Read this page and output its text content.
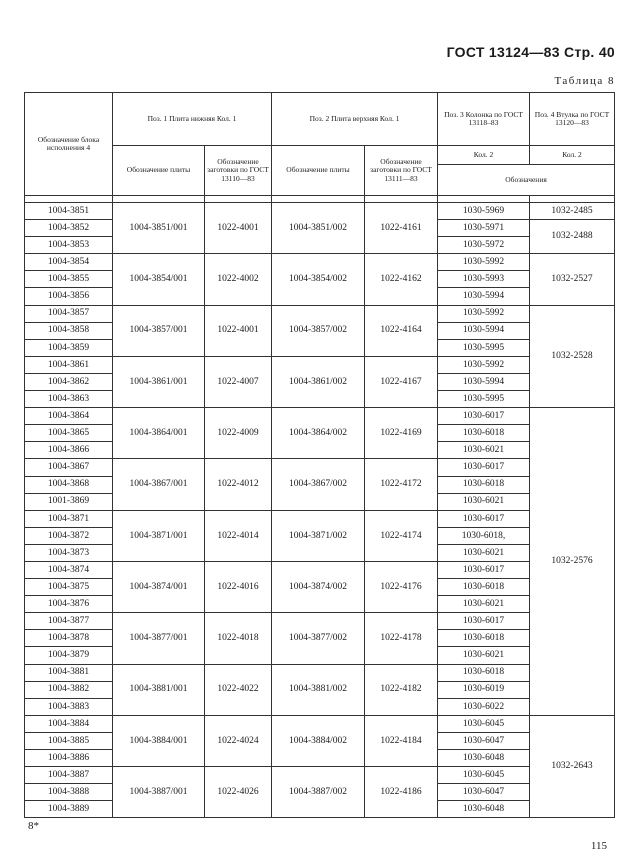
ГОСТ 13124—83 Стр. 40
Таблица 8
Обозначение блока исполнения 4	Поз. 1 Плита нижняя Кол. 1		Поз. 2 Плита верхняя Кол. 1		Поз. 3 Колонка по ГОСТ 13118–83	Поз. 4 Втулка по ГОСТ 13120—83
	Обозначение плиты	Обозначение заготовки по ГОСТ 13110—83	Обозначение плиты	Обозначение заготовки по ГОСТ 13111—83	Кол. 2	Кол. 2
					Обозначения	

1004-3851	1004-3851/001	1022-4001	1004-3851/002	1022-4161	1030-5969	1032-2485
1004-3852					1030-5971	1032-2488
1004-3853					1030-5972	
1004-3854	1004-3854/001	1022-4002	1004-3854/002	1022-4162	1030-5992	1032-2527
1004-3855					1030-5993	
1004-3856					1030-5994	
1004-3857	1004-3857/001	1022-4001	1004-3857/002	1022-4164	1030-5992	1032-2528
1004-3858					1030-5994	
1004-3859					1030-5995	
1004-3861	1004-3861/001	1022-4007	1004-3861/002	1022-4167	1030-5992	
1004-3862					1030-5994	
1004-3863					1030-5995	
1004-3864	1004-3864/001	1022-4009	1004-3864/002	1022-4169	1030-6017	1032-2576
1004-3865					1030-6018	
1004-3866					1030-6021	
1004-3867	1004-3867/001	1022-4012	1004-3867/002	1022-4172	1030-6017	
1004-3868					1030-6018	
1001-3869					1030-6021	
1004-3871	1004-3871/001	1022-4014	1004-3871/002	1022-4174	1030-6017	
1004-3872					1030-6018,	
1004-3873					1030-6021	
1004-3874	1004-3874/001	1022-4016	1004-3874/002	1022-4176	1030-6017	
1004-3875					1030-6018	
1004-3876					1030-6021	
1004-3877	1004-3877/001	1022-4018	1004-3877/002	1022-4178	1030-6017	
1004-3878					1030-6018	
1004-3879					1030-6021	
1004-3881	1004-3881/001	1022-4022	1004-3881/002	1022-4182	1030-6018	
1004-3882					1030-6019	
1004-3883					1030-6022	
1004-3884	1004-3884/001	1022-4024	1004-3884/002	1022-4184	1030-6045	1032-2643
1004-3885					1030-6047	
1004-3886					1030-6048	
1004-3887	1004-3887/001	1022-4026	1004-3887/002	1022-4186	1030-6045	
1004-3888					1030-6047	
1004-3889					1030-6048	
8*
115
